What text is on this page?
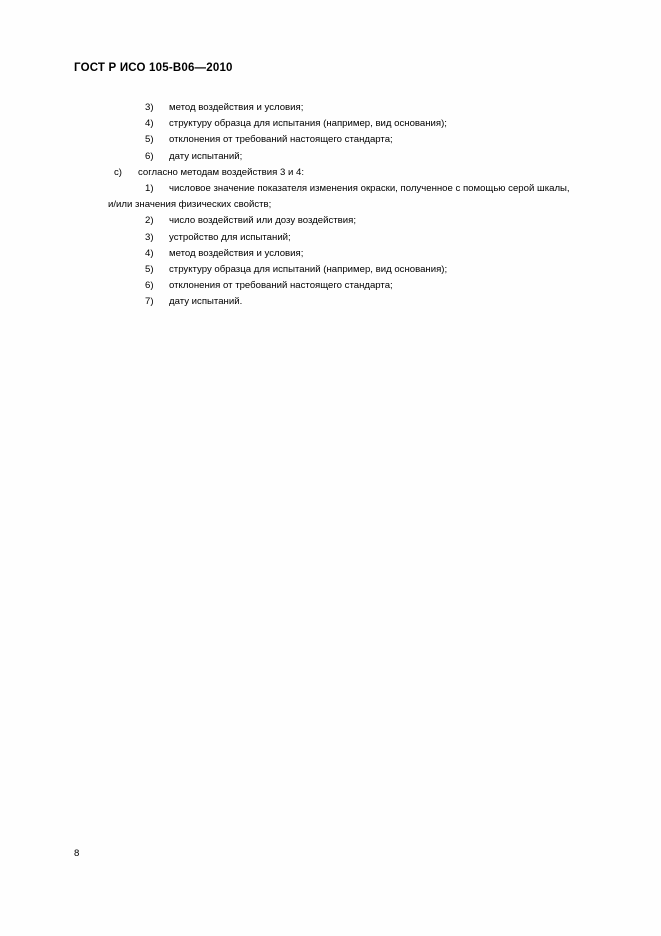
ГОСТ Р ИСО 105-B06—2010
3)	метод воздействия и условия;
4)	структуру образца для испытания (например, вид основания);
5)	отклонения от требований настоящего стандарта;
6)	дату испытаний;
c)	согласно методам воздействия 3 и 4:
1)	числовое значение показателя изменения окраски, полученное с помощью серой шкалы,
и/или значения физических свойств;
2)	число воздействий или дозу воздействия;
3)	устройство для испытаний;
4)	метод воздействия и условия;
5)	структуру образца для испытаний (например, вид основания);
6)	отклонения от требований настоящего стандарта;
7)	дату испытаний.
8
